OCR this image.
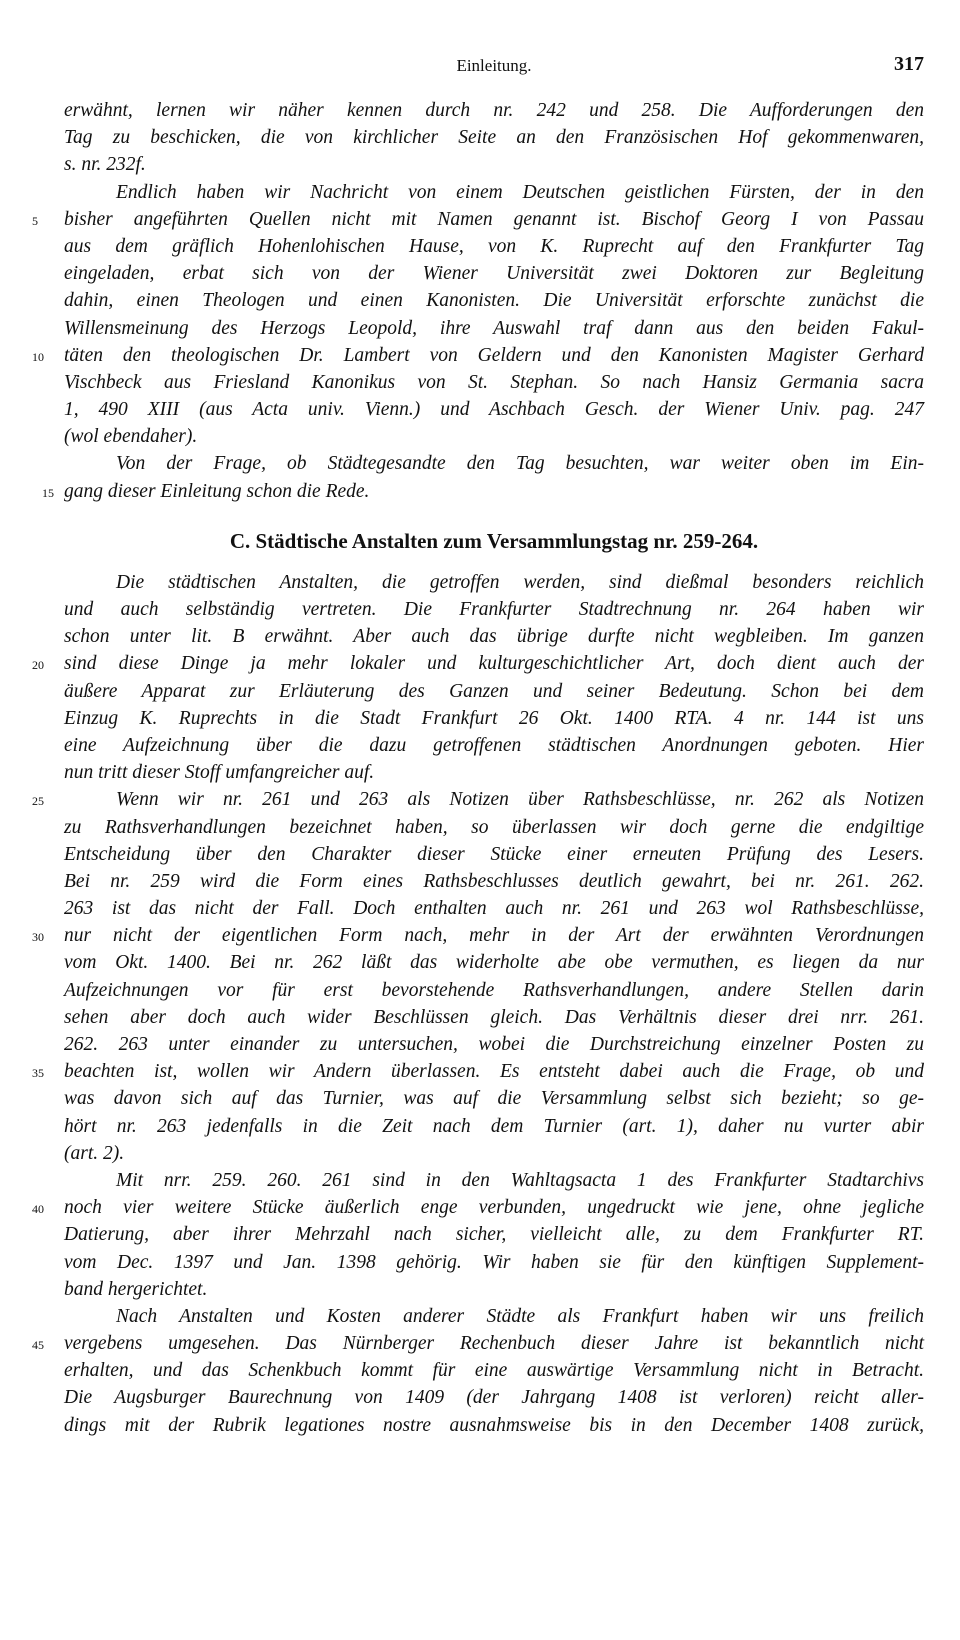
Einleitung.	317
erwähnt, lernen wir näher kennen durch nr. 242 und 258. Die Aufforderungen den
Tag zu beschicken, die von kirchlicher Seite an den Französischen Hof gekommenwaren,
s. nr. 232f.
Endlich haben wir Nachricht von einem Deutschen geistlichen Fürsten, der in den
5	bisher angeführten Quellen nicht mit Namen genannt ist. Bischof Georg I von Passau
aus dem gräflich Hohenlohischen Hause, von K. Ruprecht auf den Frankfurter Tag
eingeladen, erbat sich von der Wiener Universität zwei Doktoren zur Begleitung
dahin, einen Theologen und einen Kanonisten. Die Universität erforschte zunächst die
Willensmeinung des Herzogs Leopold, ihre Auswahl traf dann aus den beiden Fakul-
10	täten den theologischen Dr. Lambert von Geldern und den Kanonisten Magister Gerhard
Vischbeck aus Friesland Kanonikus von St. Stephan. So nach Hansiz Germania sacra
1, 490 XIII (aus Acta univ. Vienn.) und Aschbach Gesch. der Wiener Univ. pag. 247
(wol ebendaher).
Von der Frage, ob Städtegesandte den Tag besuchten, war weiter oben im Ein-
15 gang dieser Einleitung schon die Rede.
C. Städtische Anstalten zum Versammlungstag nr. 259-264.
Die städtischen Anstalten, die getroffen werden, sind dießmal besonders reichlich
und auch selbständig vertreten. Die Frankfurter Stadtrechnung nr. 264 haben wir
schon unter lit. B erwähnt. Aber auch das übrige durfte nicht wegbleiben. Im ganzen
20	sind diese Dinge ja mehr lokaler und kulturgeschichtlicher Art, doch dient auch der
äußere Apparat zur Erläuterung des Ganzen und seiner Bedeutung. Schon bei dem
Einzug K. Ruprechts in die Stadt Frankfurt 26 Okt. 1400 RTA. 4 nr. 144 ist uns
eine Aufzeichnung über die dazu getroffenen städtischen Anordnungen geboten. Hier
nun tritt dieser Stoff umfangreicher auf.
25	Wenn wir nr. 261 und 263 als Notizen über Rathsbeschlüsse, nr. 262 als Notizen
zu Rathsverhandlungen bezeichnet haben, so überlassen wir doch gerne die endgiltige
Entscheidung über den Charakter dieser Stücke einer erneuten Prüfung des Lesers.
Bei nr. 259 wird die Form eines Rathsbeschlusses deutlich gewahrt, bei nr. 261. 262.
263 ist das nicht der Fall. Doch enthalten auch nr. 261 und 263 wol Rathsbeschlüsse,
30	nur nicht der eigentlichen Form nach, mehr in der Art der erwähnten Verordnungen
vom Okt. 1400. Bei nr. 262 läßt das widerholte abe obe vermuthen, es liegen da nur
Aufzeichnungen vor für erst bevorstehende Rathsverhandlungen, andere Stellen darin
sehen aber doch auch wider Beschlüssen gleich. Das Verhältnis dieser drei nrr. 261.
262. 263 unter einander zu untersuchen, wobei die Durchstreichung einzelner Posten zu
35	beachten ist, wollen wir Andern überlassen. Es entsteht dabei auch die Frage, ob und
was davon sich auf das Turnier, was auf die Versammlung selbst sich bezieht; so ge-
hört nr. 263 jedenfalls in die Zeit nach dem Turnier (art. 1), daher nu vurter abir
(art. 2).
Mit nrr. 259. 260. 261 sind in den Wahltagsacta 1 des Frankfurter Stadtarchivs
40	noch vier weitere Stücke äußerlich enge verbunden, ungedruckt wie jene, ohne jegliche
Datierung, aber ihrer Mehrzahl nach sicher, vielleicht alle, zu dem Frankfurter RT.
vom Dec. 1397 und Jan. 1398 gehörig. Wir haben sie für den künftigen Supplement-
band hergerichtet.
Nach Anstalten und Kosten anderer Städte als Frankfurt haben wir uns freilich
45	vergebens umgesehen. Das Nürnberger Rechenbuch dieser Jahre ist bekanntlich nicht
erhalten, und das Schenkbuch kommt für eine auswärtige Versammlung nicht in Betracht.
Die Augsburger Baurechnung von 1409 (der Jahrgang 1408 ist verloren) reicht aller-
dings mit der Rubrik legationes nostre ausnahmsweise bis in den December 1408 zurück,
